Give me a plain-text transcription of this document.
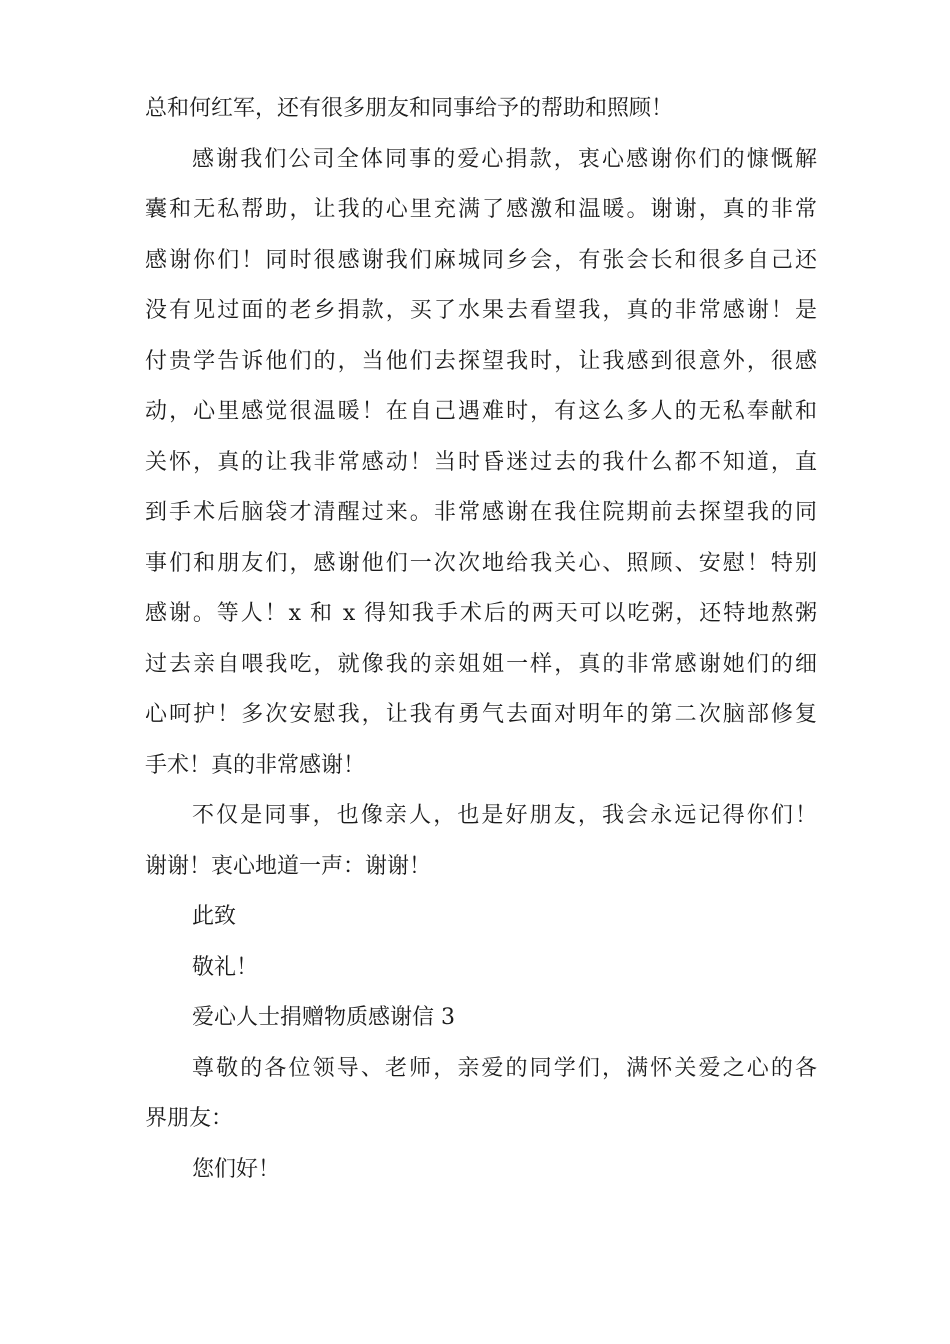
总和何红军，还有很多朋友和同事给予的帮助和照顾！
感谢我们公司全体同事的爱心捐款，衷心感谢你们的慷慨解
囊和无私帮助，让我的心里充满了感激和温暖。谢谢，真的非常
感谢你们！同时很感谢我们麻城同乡会，有张会长和很多自己还
没有见过面的老乡捐款，买了水果去看望我，真的非常感谢！是
付贵学告诉他们的，当他们去探望我时，让我感到很意外，很感
动，心里感觉很温暖！在自己遇难时，有这么多人的无私奉献和
关怀，真的让我非常感动！当时昏迷过去的我什么都不知道，直
到手术后脑袋才清醒过来。非常感谢在我住院期前去探望我的同
事们和朋友们，感谢他们一次次地给我关心、照顾、安慰！特别
感谢。等人！x 和 x 得知我手术后的两天可以吃粥，还特地熬粥
过去亲自喂我吃，就像我的亲姐姐一样，真的非常感谢她们的细
心呵护！多次安慰我，让我有勇气去面对明年的第二次脑部修复
手术！真的非常感谢！
不仅是同事，也像亲人，也是好朋友，我会永远记得你们！
谢谢！衷心地道一声：谢谢！
此致
敬礼！
爱心人士捐赠物质感谢信 3
尊敬的各位领导、老师，亲爱的同学们，满怀关爱之心的各
界朋友：
您们好！
